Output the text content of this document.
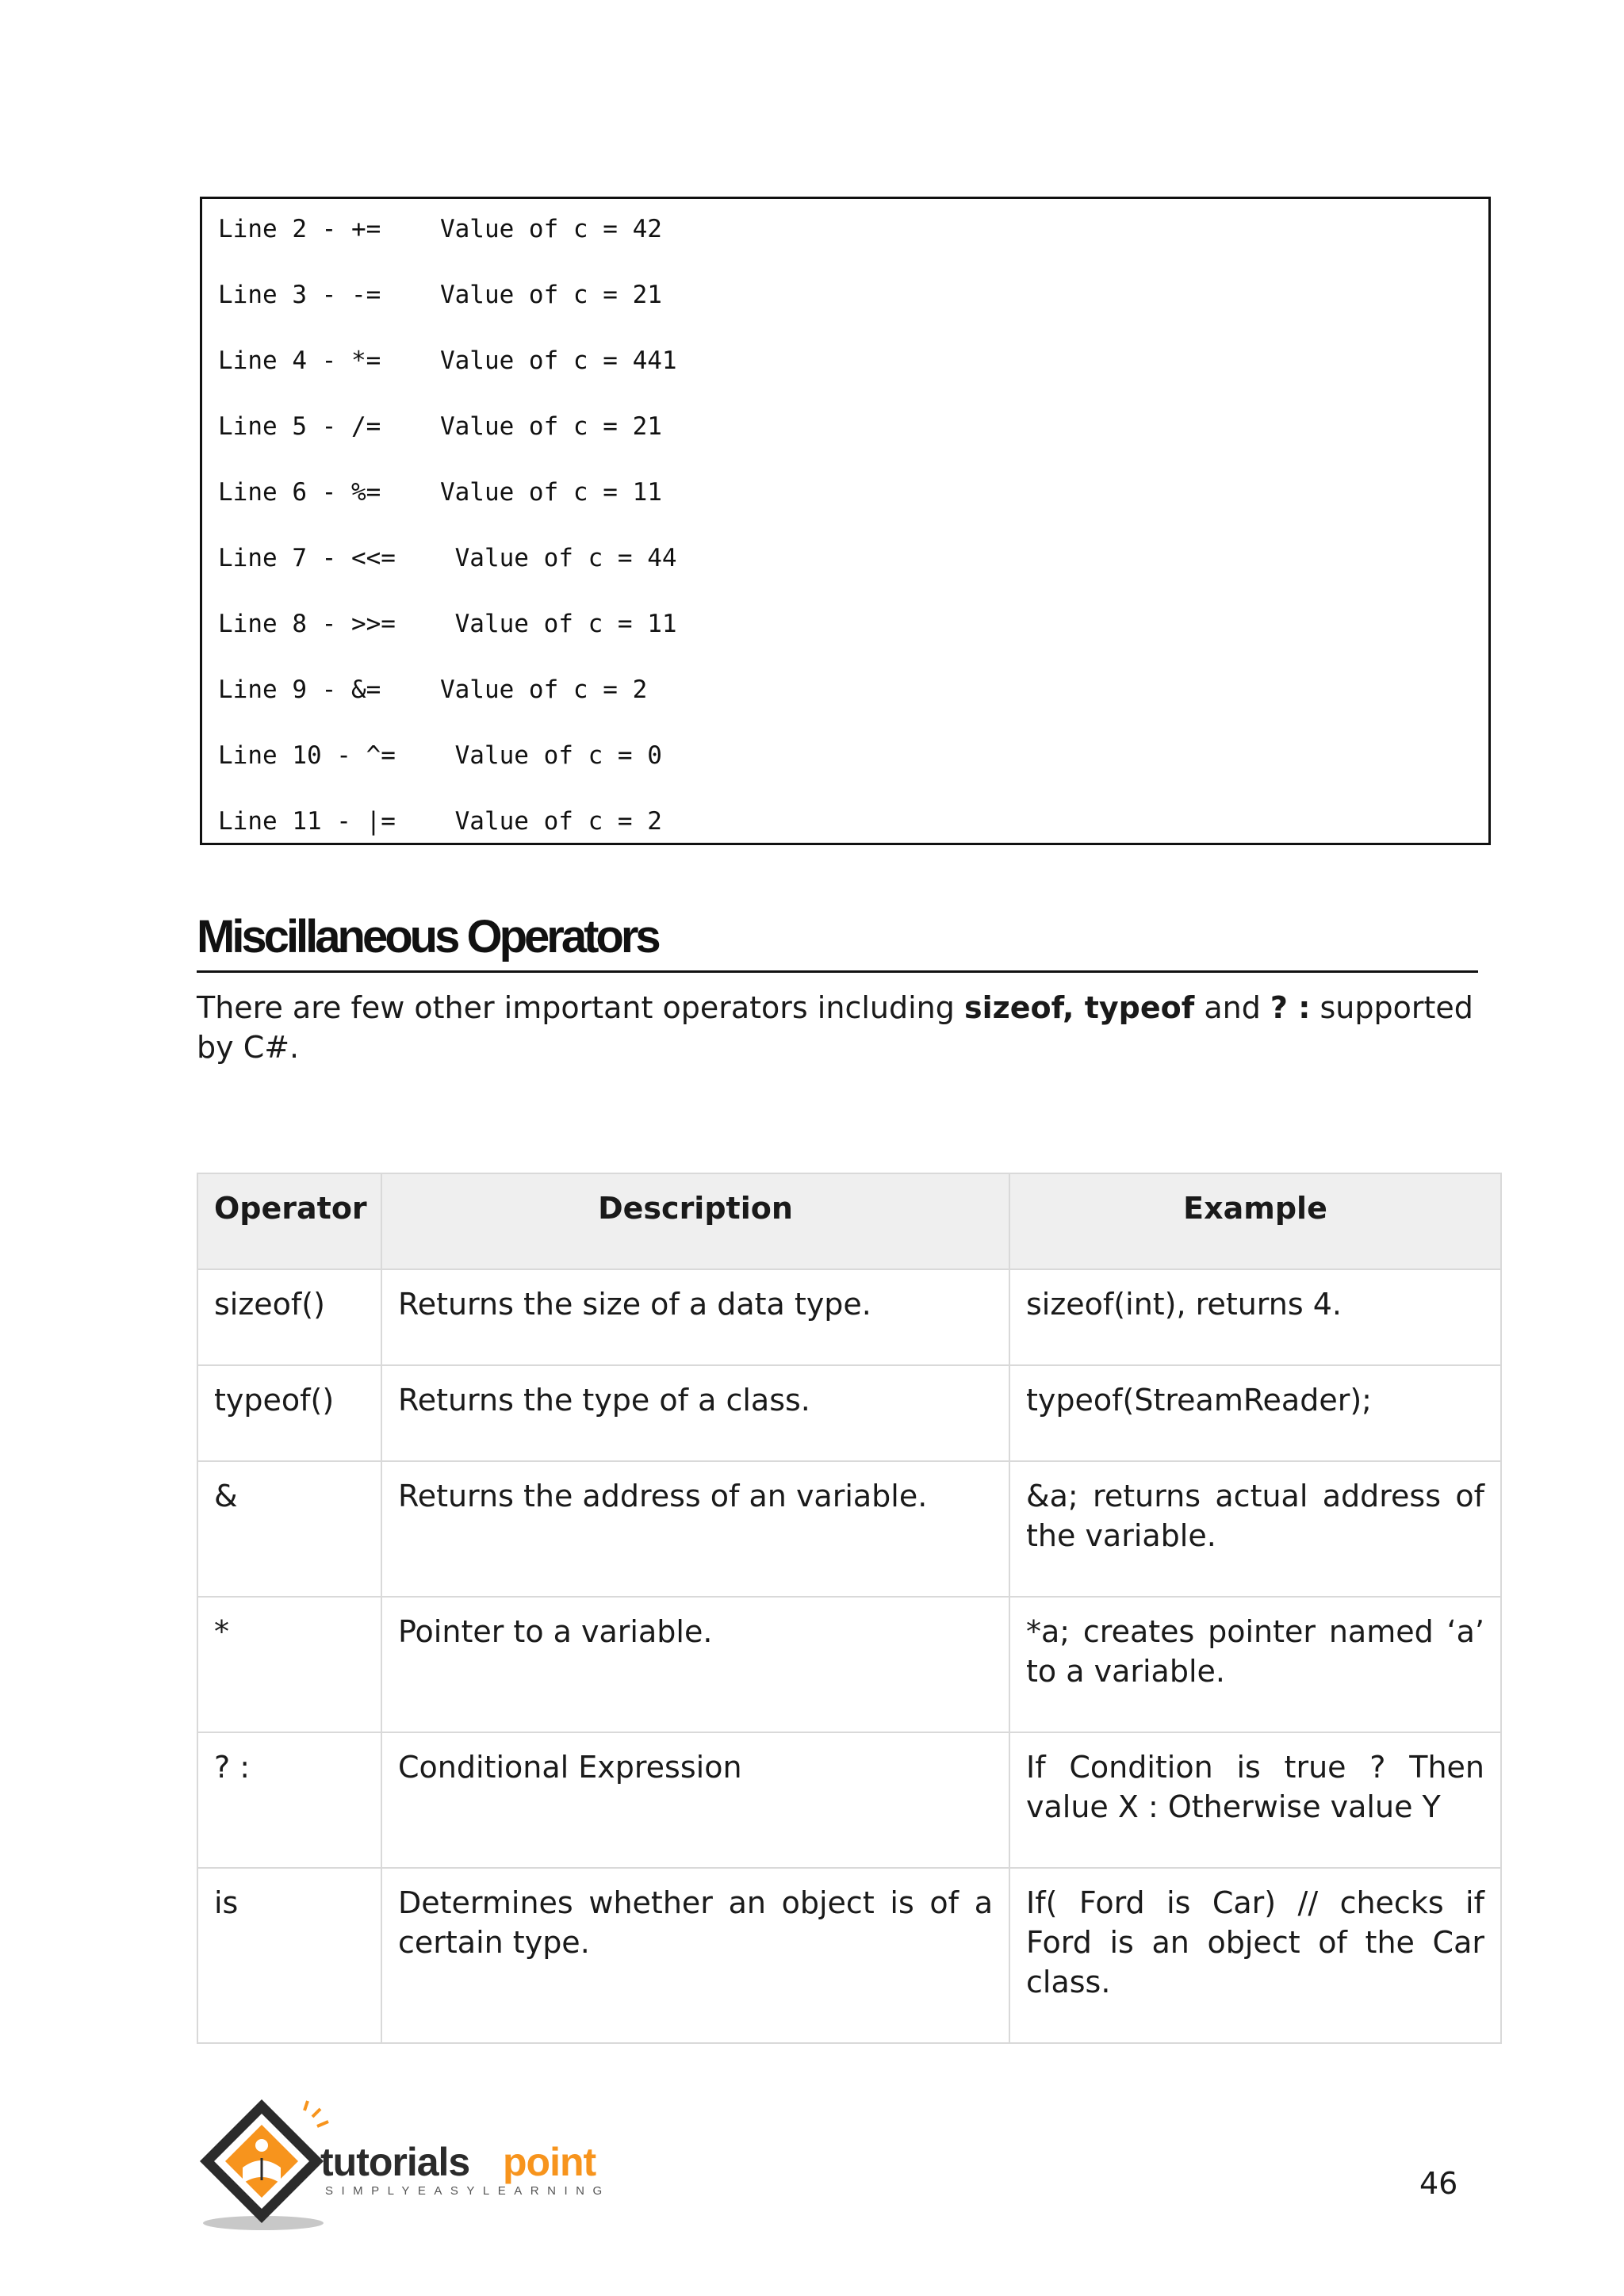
Line 2 - +=    Value of c = 42
Line 3 - -=    Value of c = 21
Line 4 - *=    Value of c = 441
Line 5 - /=    Value of c = 21
Line 6 - %=    Value of c = 11
Line 7 - <<=    Value of c = 44
Line 8 - >>=    Value of c = 11
Line 9 - &=    Value of c = 2
Line 10 - ^=    Value of c = 0
Line 11 - |=    Value of c = 2
Miscillaneous Operators

There are few other important operators including sizeof, typeof and ? : supported by C#.

Operator	Description	Example
sizeof()	Returns the size of a data type.	sizeof(int), returns 4.
typeof()	Returns the type of a class.	typeof(StreamReader);
&	Returns the address of an variable.	&a; returns actual address of the variable.
*	Pointer to a variable.	*a; creates pointer named ‘a’ to a variable.
? :	Conditional Expression	If Condition is true ? Then value X : Otherwise value Y
is	Determines whether an object is of a certain type.	If( Ford is Car) // checks if Ford is an object of the Car class.
tutorials point
SIMPLYEASYLEARNING	46
